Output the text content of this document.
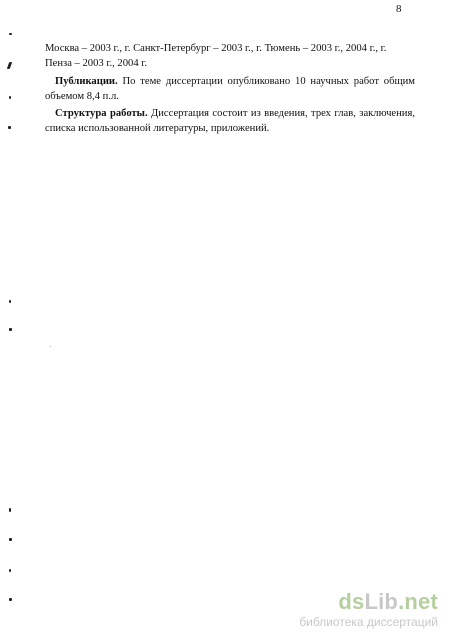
8

Москва – 2003 г., г. Санкт-Петербург – 2003 г., г. Тюмень – 2003 г., 2004 г., г.

Пенза – 2003 г., 2004 г.

Публикации. По теме диссертации опубликовано 10 научных работ общим объемом 8,4 п.л.

Структура работы. Диссертация состоит из введения, трех глав, заключения, списка использованной литературы, приложений.

dsLib.net
библиотека диссертаций
